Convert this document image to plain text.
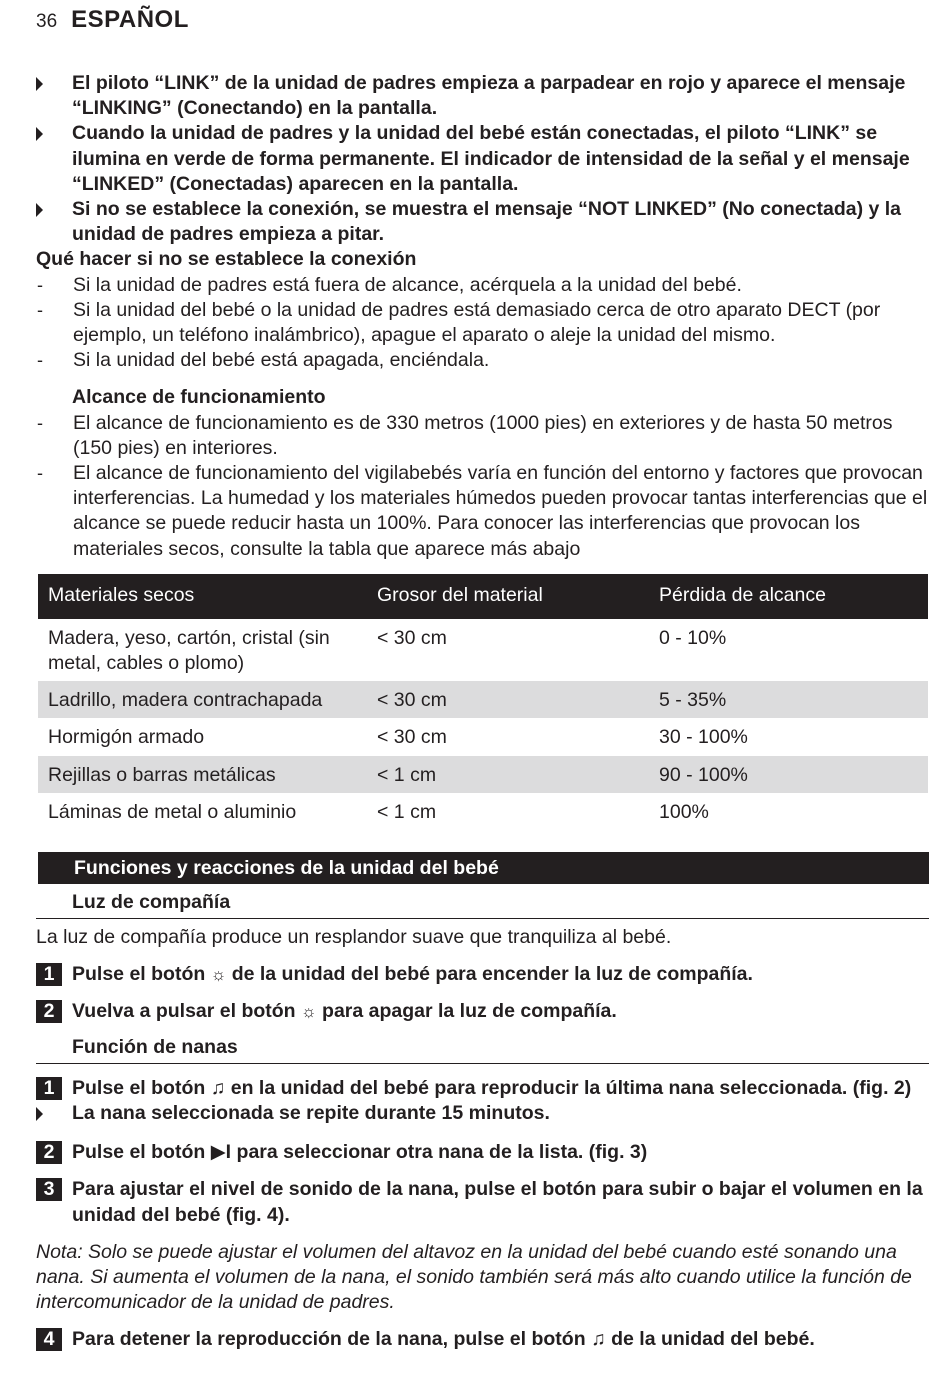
36 ESPAÑOL
El piloto “LINK” de la unidad de padres empieza a parpadear en rojo y aparece el mensaje “LINKING” (Conectando) en la pantalla.
Cuando la unidad de padres y la unidad del bebé están conectadas, el piloto “LINK” se ilumina en verde de forma permanente. El indicador de intensidad de la señal y el mensaje “LINKED” (Conectadas) aparecen en la pantalla.
Si no se establece la conexión, se muestra el mensaje “NOT LINKED” (No conectada) y la unidad de padres empieza a pitar.
Qué hacer si no se establece la conexión
-	Si la unidad de padres está fuera de alcance, acérquela a la unidad del bebé.
-	Si la unidad del bebé o la unidad de padres está demasiado cerca de otro aparato DECT (por ejemplo, un teléfono inalámbrico), apague el aparato o aleje la unidad del mismo.
-	Si la unidad del bebé está apagada, enciéndala.
Alcance de funcionamiento
-	El alcance de funcionamiento es de 330 metros (1000 pies) en exteriores y de hasta 50 metros (150 pies) en interiores.
-	El alcance de funcionamiento del vigilabebés varía en función del entorno y factores que provocan interferencias. La humedad y los materiales húmedos pueden provocar tantas interferencias que el alcance se puede reducir hasta un 100%. Para conocer las interferencias que provocan los materiales secos, consulte la tabla que aparece más abajo
Materiales secos	Grosor del material	Pérdida de alcance
Madera, yeso, cartón, cristal (sin metal, cables o plomo)	< 30 cm	0 - 10%
Ladrillo, madera contrachapada	< 30 cm	5 - 35%
Hormigón armado	< 30 cm	30 - 100%
Rejillas o barras metálicas	< 1 cm	90 - 100%
Láminas de metal o aluminio	< 1 cm	100%
Funciones y reacciones de la unidad del bebé
Luz de compañía
La luz de compañía produce un resplandor suave que tranquiliza al bebé.
1 Pulse el botón ☼ de la unidad del bebé para encender la luz de compañía.
2 Vuelva a pulsar el botón ☼ para apagar la luz de compañía.
Función de nanas
1 Pulse el botón ♫ en la unidad del bebé para reproducir la última nana seleccionada. (fig. 2)
La nana seleccionada se repite durante 15 minutos.
2 Pulse el botón ▶I para seleccionar otra nana de la lista. (fig. 3)
3 Para ajustar el nivel de sonido de la nana, pulse el botón para subir o bajar el volumen en la unidad del bebé (fig. 4).
Nota: Solo se puede ajustar el volumen del altavoz en la unidad del bebé cuando esté sonando una nana. Si aumenta el volumen de la nana, el sonido también será más alto cuando utilice la función de intercomunicador de la unidad de padres.
4 Para detener la reproducción de la nana, pulse el botón ♫ de la unidad del bebé.
